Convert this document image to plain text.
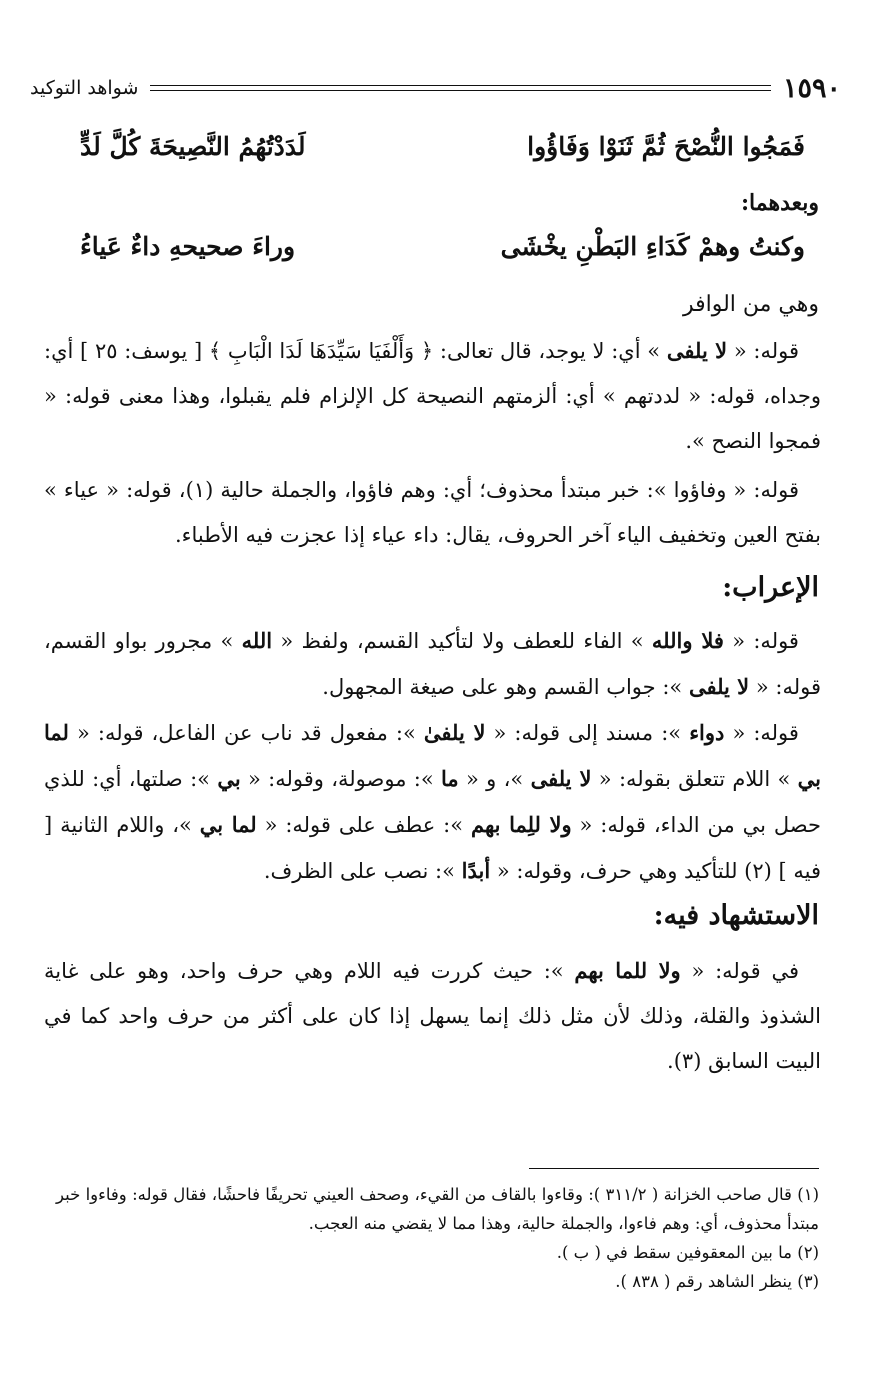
١٥٩٠
شواهد التوكيد
فَمَجُوا النُّصْحَ ثُمَّ ثَنَوْا وَفَاؤُوا
لَدَدْتُهُمُ النَّصِيحَةَ كُلَّ لَدٍّ
وبعدهما:
وكنتُ وهمْ كَدَاءِ البَطْنِ يخْشَى
وراءَ صحيحهِ داءٌ عَياءُ
وهي من الوافر

قوله: « لا يلفى » أي: لا يوجد، قال تعالى: ﴿ وَأَلْفَيَا سَيِّدَهَا لَدَا الْبَابِ ﴾ [ يوسف: ٢٥ ] أي: وجداه، قوله: « لددتهم » أي: ألزمتهم النصيحة كل الإلزام فلم يقبلوا، وهذا معنى قوله: « فمجوا النصح ».

قوله: « وفاؤوا »: خبر مبتدأ محذوف؛ أي: وهم فاؤوا، والجملة حالية (١)، قوله: « عياء » بفتح العين وتخفيف الياء آخر الحروف، يقال: داء عياء إذا عجزت فيه الأطباء.

الإعراب:

قوله: « فلا والله » الفاء للعطف ولا لتأكيد القسم، ولفظ « الله » مجرور بواو القسم، قوله: « لا يلفى »: جواب القسم وهو على صيغة المجهول.

قوله: « دواء »: مسند إلى قوله: « لا يلفىٰ »: مفعول قد ناب عن الفاعل، قوله: « لما بي » اللام تتعلق بقوله: « لا يلفى »، و « ما »: موصولة، وقوله: « بي »: صلتها، أي: للذي حصل بي من الداء، قوله: « ولا للِما بهم »: عطف على قوله: « لما بي »، واللام الثانية [ فيه ] (٢) للتأكيد وهي حرف، وقوله: « أبدًا »: نصب على الظرف.

الاستشهاد فيه:

في قوله: « ولا للما بهم »: حيث كررت فيه اللام وهي حرف واحد، وهو على غاية الشذوذ والقلة، وذلك لأن مثل ذلك إنما يسهل إذا كان على أكثر من حرف واحد كما في البيت السابق (٣).

(١) قال صاحب الخزانة ( ٣١١/٢ ): وقاءوا بالقاف من القيء، وصحف العيني تحريفًا فاحشًا، فقال قوله: وفاءوا خبر مبتدأ محذوف، أي: وهم فاءوا، والجملة حالية، وهذا مما لا يقضي منه العجب.

(٢) ما بين المعقوفين سقط في ( ب ).

(٣) ينظر الشاهد رقم ( ٨٣٨ ).
